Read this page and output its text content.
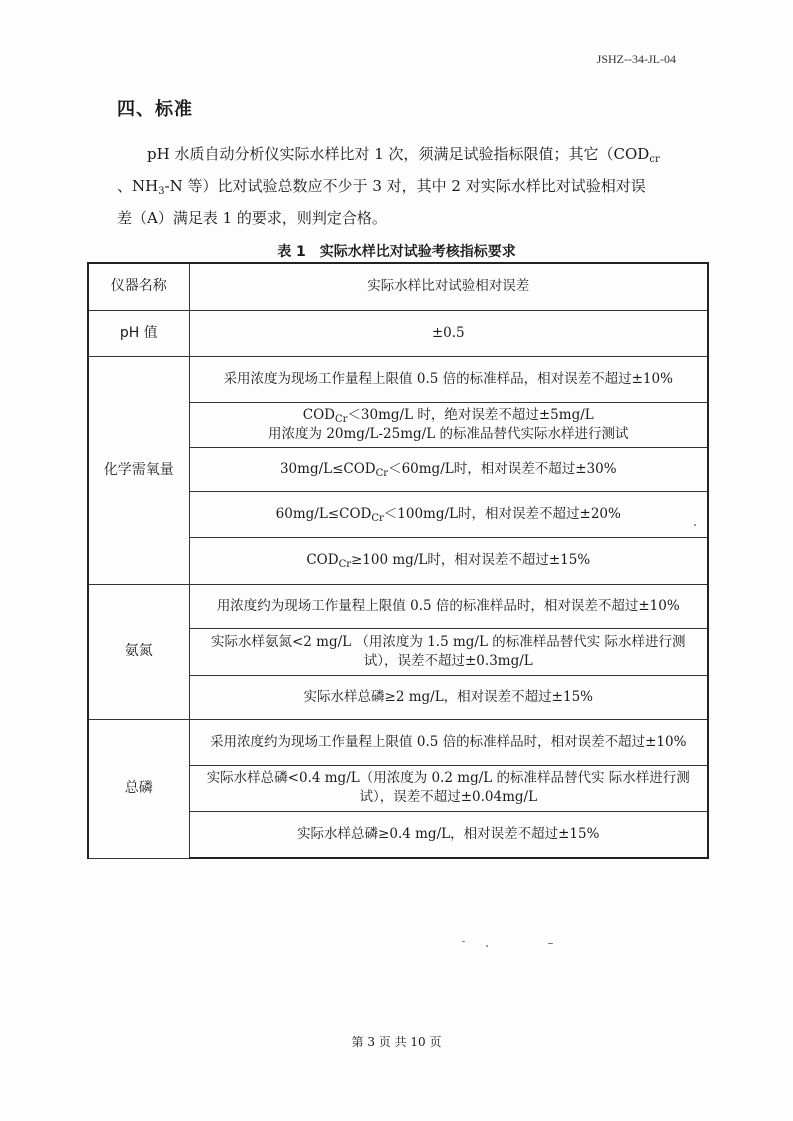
JSHZ--34-JL-04
四、标准

pH 水质自动分析仪实际水样比对 1 次，须满足试验指标限值；其它（$COD_{cr}$

、$NH_3-N$ 等）比对试验总数应不少于 3 对，其中 2 对实际水样比对试验相对误

差（A）满足表 1 的要求，则判定合格。

表 1　实际水样比对试验考核指标要求
仪器名称	实际水样比对试验相对误差
pH 值	±0.5
化学需氧量	采用浓度为现场工作量程上限值 0.5 倍的标准样品，相对误差不超过±10%

	$COD_{Cr}<30mg/L$ 时，绝对误差不超过±5mg/L
用浓度为 20mg/L-25mg/L 的标准品替代实际水样进行测试

	$30mg/L\le COD_{Cr}<60mg/L$时，相对误差不超过±30%
	$60mg/L\le COD_{Cr}<100mg/L$时，相对误差不超过±20%
	$COD_{Cr}\ge 100$ mg/L时，相对误差不超过±15%
氨氮	用浓度约为现场工作量程上限值 0.5 倍的标准样品时，相对误差不超过±10%
	实际水样氨氮<2 mg/L （用浓度为 1.5 mg/L 的标准样品替代实 际水样进行测试），误差不超过±0.3mg/L
	实际水样总磷≥2 mg/L，相对误差不超过±15%
总磷	采用浓度约为现场工作量程上限值 0.5 倍的标准样品时，相对误差不超过±10%
	实际水样总磷<0.4 mg/L（用浓度为 0.2 mg/L 的标准样品替代实 际水样进行测试），误差不超过±0.04mg/L
	实际水样总磷≥0.4 mg/L，相对误差不超过±15%
第 3 页 共 10 页
